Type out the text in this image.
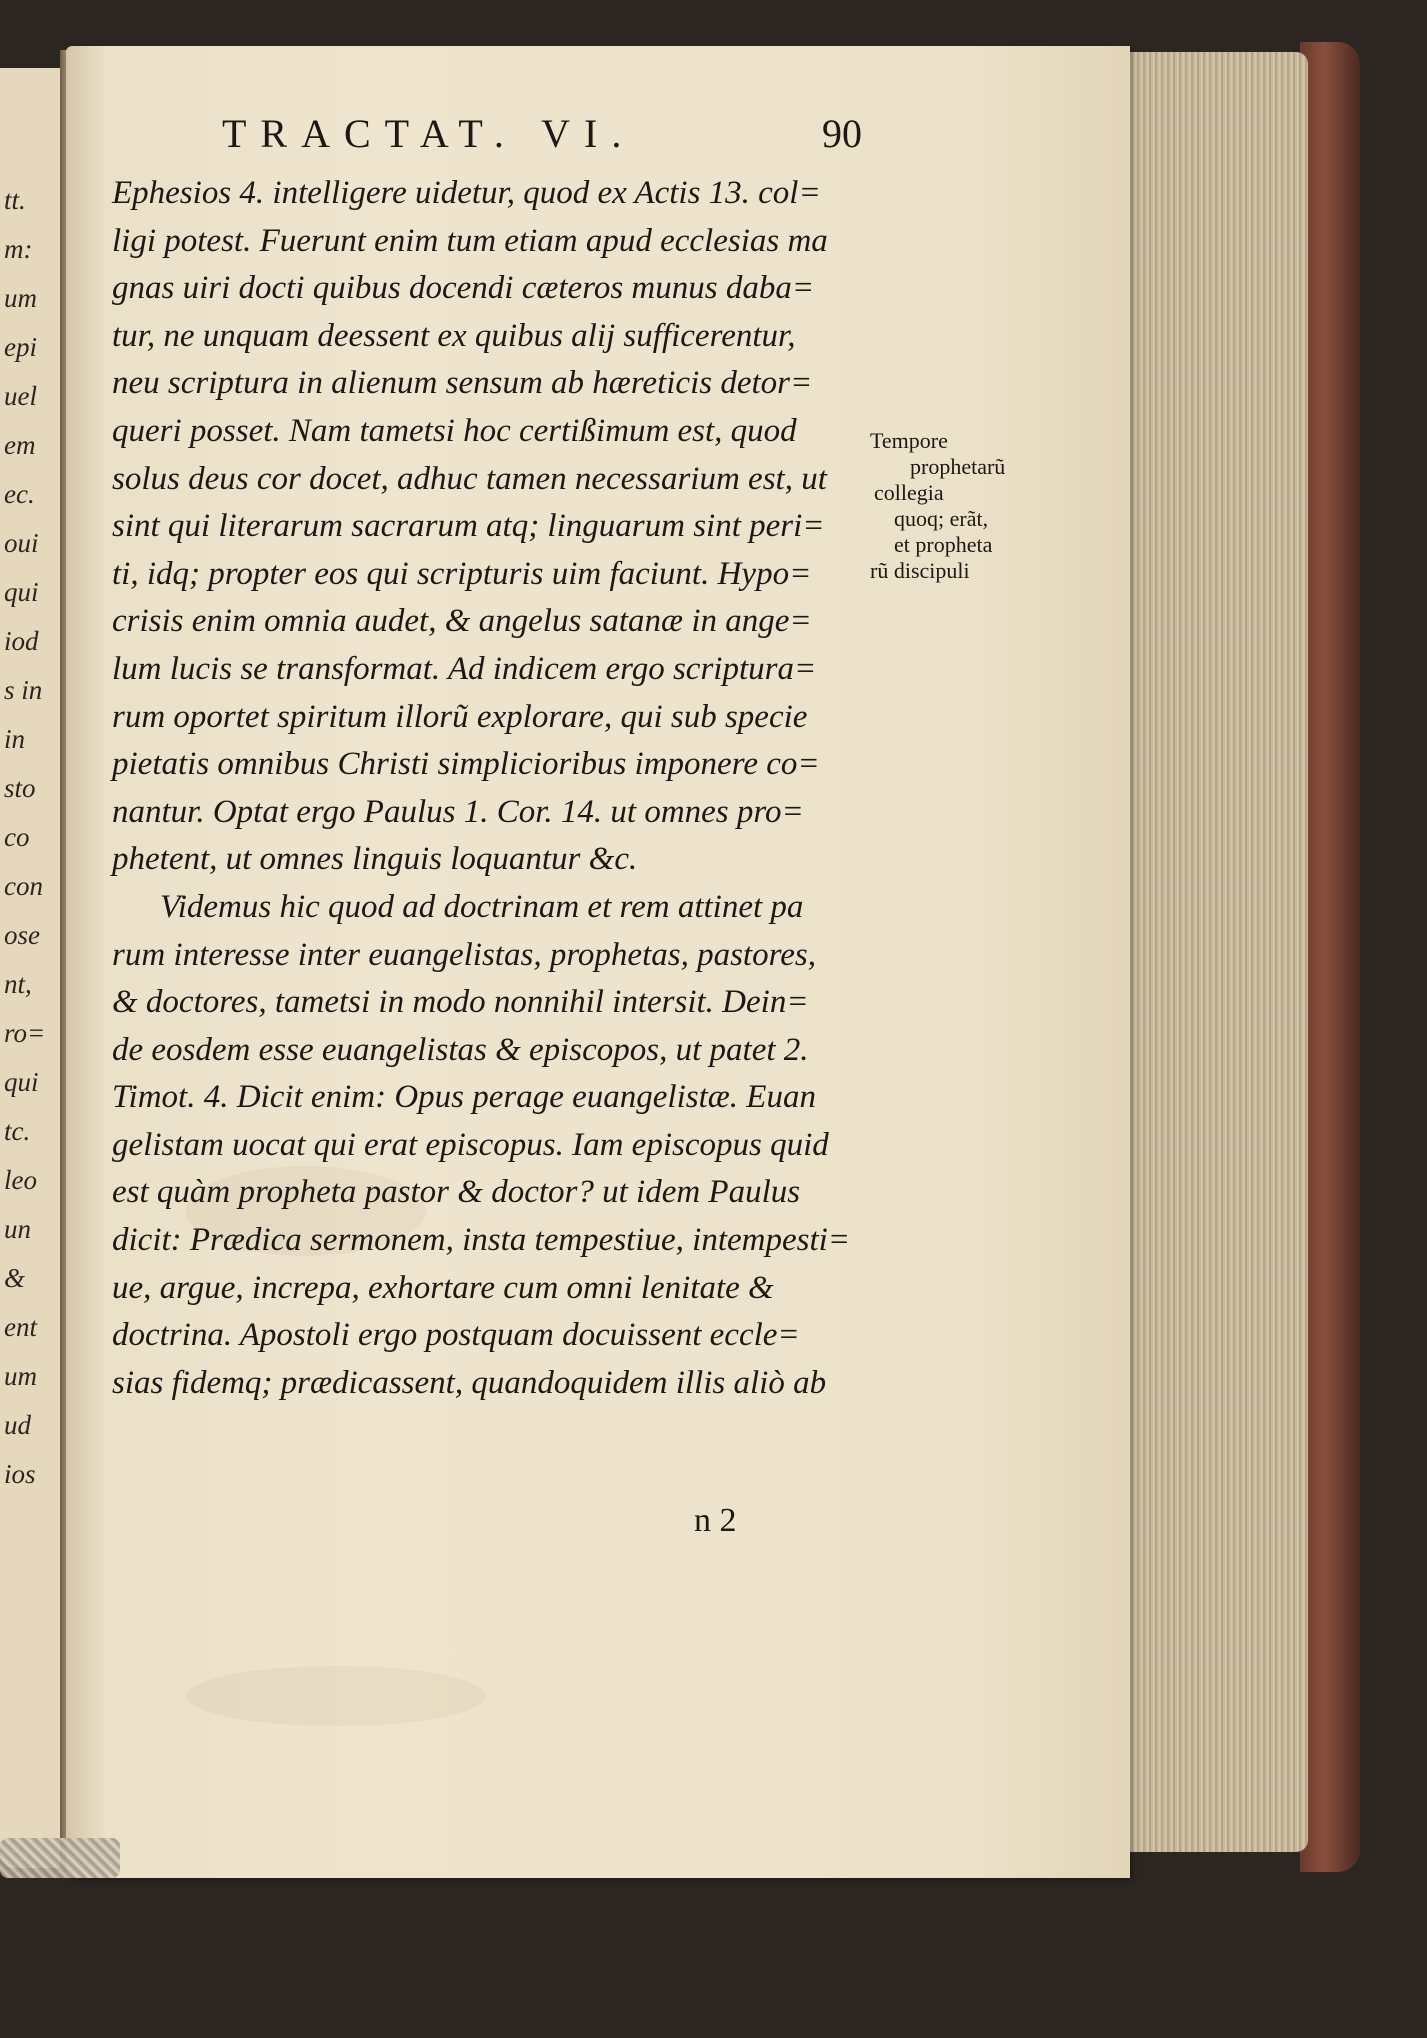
tt.
m:
um
epi
uel
em
ec.
oui
qui
iod
s in
in
sto
co
con
ose
nt,
ro=
qui
tc.
leo
un
&
ent
um
ud
ios
TRACTAT. VI.	90
Ephesios 4. intelligere uidetur, quod ex Actis 13. col=
ligi potest. Fuerunt enim tum etiam apud ecclesias ma
gnas uiri docti quibus docendi cæteros munus daba=
tur, ne unquam deessent ex quibus alij sufficerentur,
neu scriptura in alienum sensum ab hæreticis detor=
queri posset. Nam tametsi hoc certißimum est, quod
solus deus cor docet, adhuc tamen necessarium est, ut
sint qui literarum sacrarum atq; linguarum sint peri=
ti, idq; propter eos qui scripturis uim faciunt. Hypo=
crisis enim omnia audet, & angelus satanæ in ange=
lum lucis se transformat. Ad indicem ergo scriptura=
rum oportet spiritum illorũ explorare, qui sub specie
pietatis omnibus Christi simplicioribus imponere co=
nantur. Optat ergo Paulus 1. Cor. 14. ut omnes pro=
phetent, ut omnes linguis loquantur &c.
Videmus hic quod ad doctrinam et rem attinet pa
rum interesse inter euangelistas, prophetas, pastores,
& doctores, tametsi in modo nonnihil intersit. Dein=
de eosdem esse euangelistas & episcopos, ut patet 2.
Timot. 4. Dicit enim: Opus perage euangelistæ. Euan
gelistam uocat qui erat episcopus. Iam episcopus quid
est quàm propheta pastor & doctor? ut idem Paulus
dicit: Prædica sermonem, insta tempestiue, intempesti=
ue, argue, increpa, exhortare cum omni lenitate &
doctrina. Apostoli ergo postquam docuissent eccle=
sias fidemq; prædicassent, quandoquidem illis aliò ab
Tempore
prophetarũ
collegia
quoq; erãt,
et propheta
rũ discipuli
n 2
